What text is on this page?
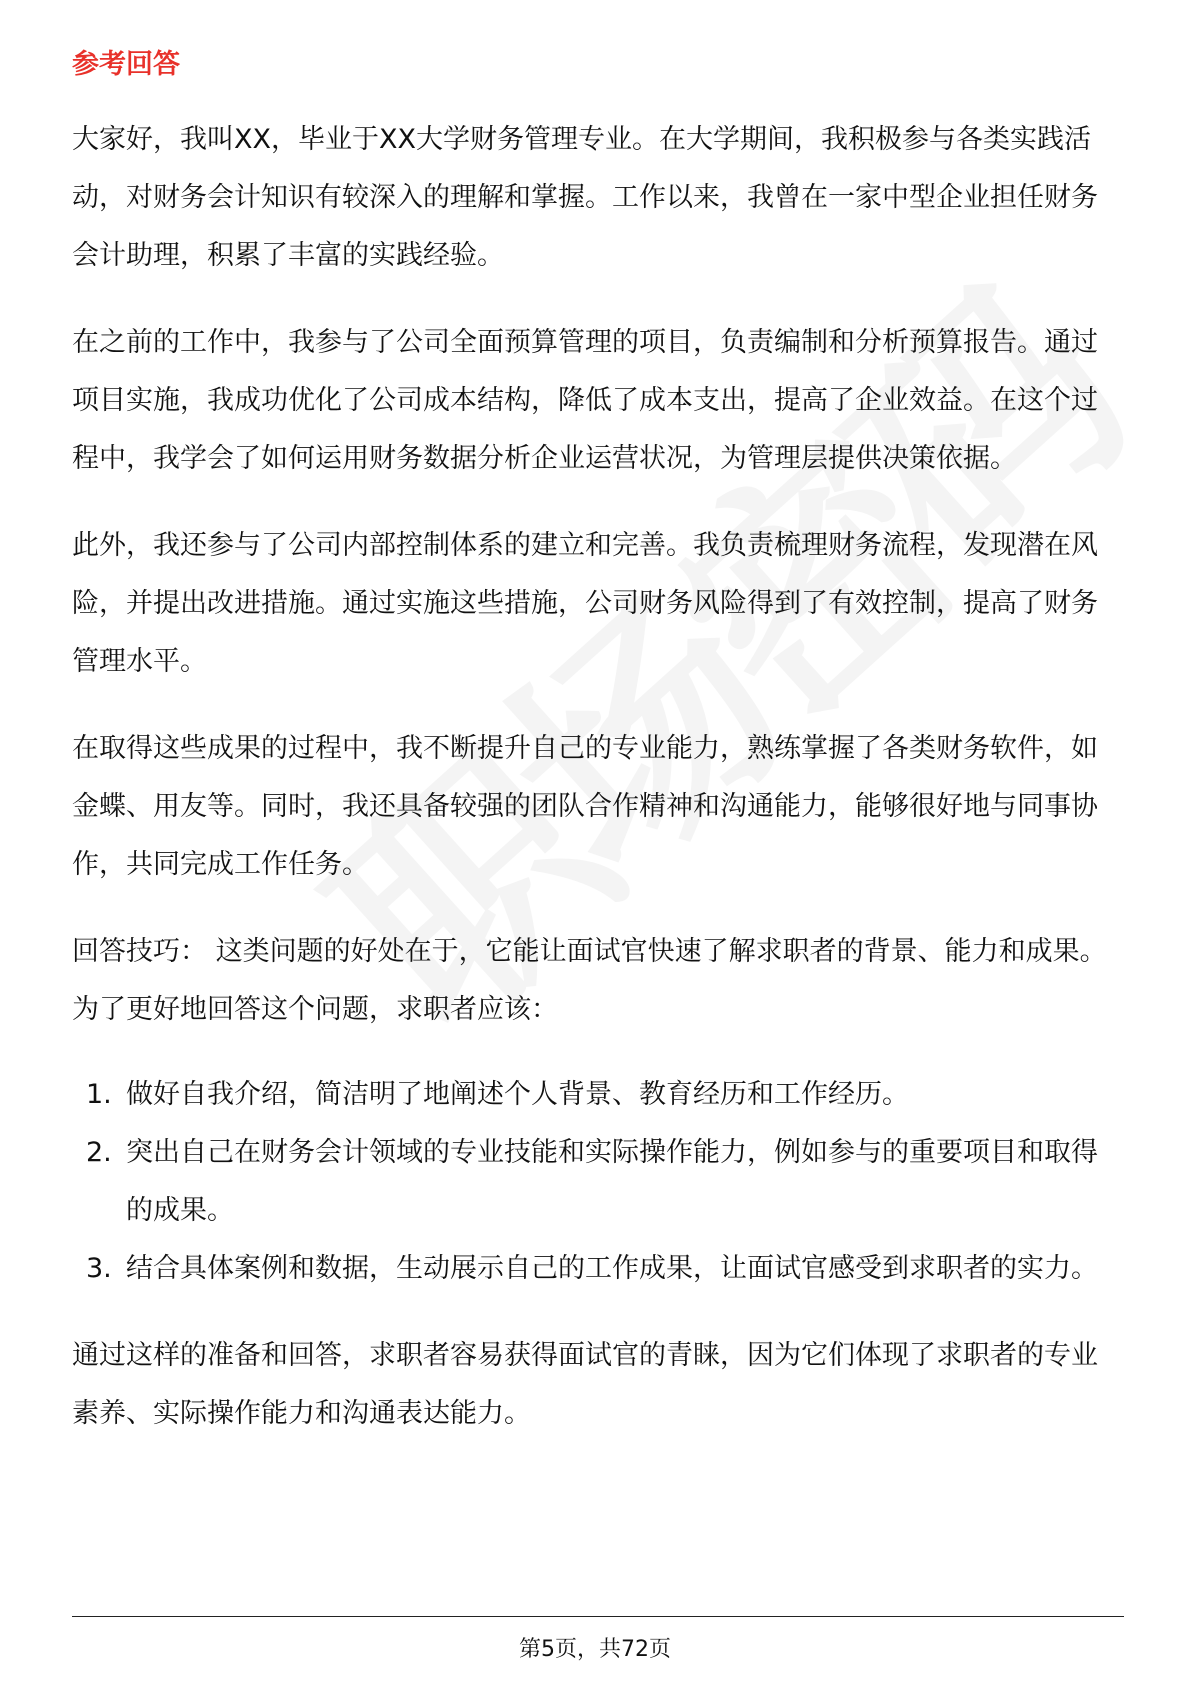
参考回答

大家好，我叫XX，毕业于XX大学财务管理专业。在大学期间，我积极参与各类实践活动，对财务会计知识有较深入的理解和掌握。工作以来，我曾在一家中型企业担任财务会计助理，积累了丰富的实践经验。

在之前的工作中，我参与了公司全面预算管理的项目，负责编制和分析预算报告。通过项目实施，我成功优化了公司成本结构，降低了成本支出，提高了企业效益。在这个过程中，我学会了如何运用财务数据分析企业运营状况，为管理层提供决策依据。

此外，我还参与了公司内部控制体系的建立和完善。我负责梳理财务流程，发现潜在风险，并提出改进措施。通过实施这些措施，公司财务风险得到了有效控制，提高了财务管理水平。

在取得这些成果的过程中，我不断提升自己的专业能力，熟练掌握了各类财务软件，如金蝶、用友等。同时，我还具备较强的团队合作精神和沟通能力，能够很好地与同事协作，共同完成工作任务。

回答技巧： 这类问题的好处在于，它能让面试官快速了解求职者的背景、能力和成果。为了更好地回答这个问题，求职者应该：

1. 做好自我介绍，简洁明了地阐述个人背景、教育经历和工作经历。
2. 突出自己在财务会计领域的专业技能和实际操作能力，例如参与的重要项目和取得的成果。
3. 结合具体案例和数据，生动展示自己的工作成果，让面试官感受到求职者的实力。

通过这样的准备和回答，求职者容易获得面试官的青睐，因为它们体现了求职者的专业素养、实际操作能力和沟通表达能力。

第5页，共72页
